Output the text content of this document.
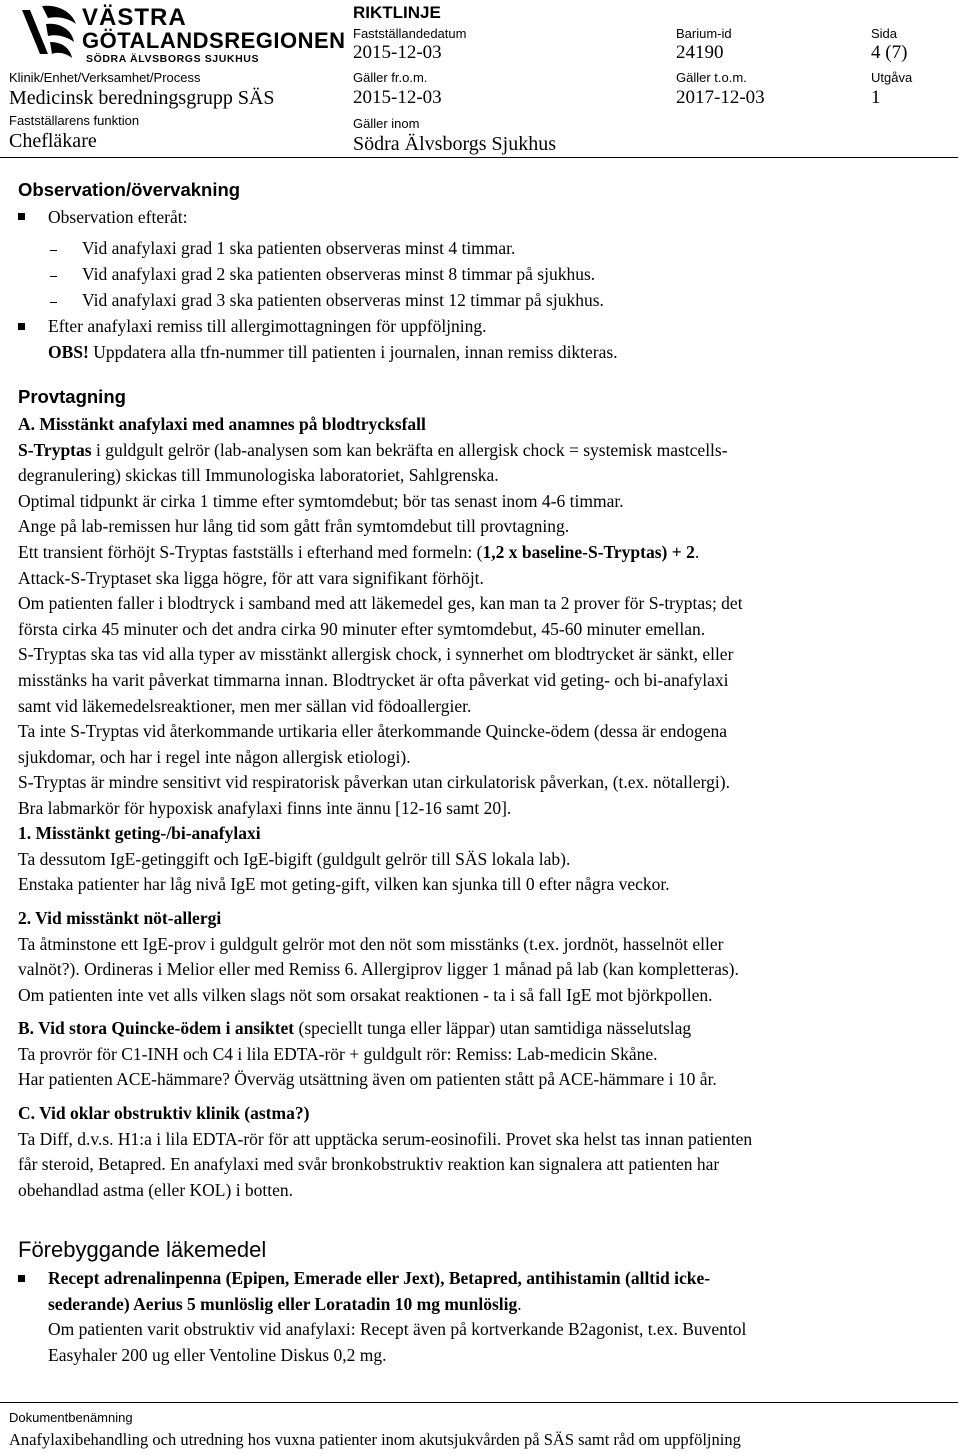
VÄSTRA
GÖTALANDSREGIONEN
SÖDRA ÄLVSBORGS SJUKHUS
RIKTLINJE
Fastställandedatum
2015-12-03
Barium-id
24190
Sida
4 (7)
Klinik/Enhet/Verksamhet/Process
Medicinsk beredningsgrupp SÄS
Gäller fr.o.m.
2015-12-03
Gäller t.o.m.
2017-12-03
Utgåva
1
Fastställarens funktion
Chefläkare
Gäller inom
Södra Älvsborgs Sjukhus
Observation/övervakning
Observation efteråt:
Vid anafylaxi grad 1 ska patienten observeras minst 4 timmar.
Vid anafylaxi grad 2 ska patienten observeras minst 8 timmar på sjukhus.
Vid anafylaxi grad 3 ska patienten observeras minst 12 timmar på sjukhus.
Efter anafylaxi remiss till allergimottagningen för uppföljning.
OBS! Uppdatera alla tfn-nummer till patienten i journalen, innan remiss dikteras.
Provtagning

A. Misstänkt anafylaxi med anamnes på blodtrycksfall

S-Tryptas i guldgult gelrör (lab-analysen som kan bekräfta en allergisk chock = systemisk mastcells-

degranulering) skickas till Immunologiska laboratoriet, Sahlgrenska.

Optimal tidpunkt är cirka 1 timme efter symtomdebut; bör tas senast inom 4-6 timmar.

Ange på lab-remissen hur lång tid som gått från symtomdebut till provtagning.

Ett transient förhöjt S-Tryptas fastställs i efterhand med formeln: (1,2 x baseline-S-Tryptas) + 2.

Attack-S-Tryptaset ska ligga högre, för att vara signifikant förhöjt.

Om patienten faller i blodtryck i samband med att läkemedel ges, kan man ta 2 prover för S-tryptas; det

första cirka 45 minuter och det andra cirka 90 minuter efter symtomdebut, 45-60 minuter emellan.

S-Tryptas ska tas vid alla typer av misstänkt allergisk chock, i synnerhet om blodtrycket är sänkt, eller

misstänks ha varit påverkat timmarna innan. Blodtrycket är ofta påverkat vid geting- och bi-anafylaxi

samt vid läkemedelsreaktioner, men mer sällan vid födoallergier.

Ta inte S-Tryptas vid återkommande urtikaria eller återkommande Quincke-ödem (dessa är endogena

sjukdomar, och har i regel inte någon allergisk etiologi).

S-Tryptas är mindre sensitivt vid respiratorisk påverkan utan cirkulatorisk påverkan, (t.ex. nötallergi).

Bra labmarkör för hypoxisk anafylaxi finns inte ännu [12-16 samt 20].

1. Misstänkt geting-/bi-anafylaxi

Ta dessutom IgE-getinggift och IgE-bigift (guldgult gelrör till SÄS lokala lab).

Enstaka patienter har låg nivå IgE mot geting-gift, vilken kan sjunka till 0 efter några veckor.

2. Vid misstänkt nöt-allergi

Ta åtminstone ett IgE-prov i guldgult gelrör mot den nöt som misstänks (t.ex. jordnöt, hasselnöt eller

valnöt?). Ordineras i Melior eller med Remiss 6. Allergiprov ligger 1 månad på lab (kan kompletteras).

Om patienten inte vet alls vilken slags nöt som orsakat reaktionen - ta i så fall IgE mot björkpollen.

B. Vid stora Quincke-ödem i ansiktet (speciellt tunga eller läppar) utan samtidiga nässelutslag

Ta provrör för C1-INH och C4 i lila EDTA-rör + guldgult rör: Remiss: Lab-medicin Skåne.

Har patienten ACE-hämmare? Överväg utsättning även om patienten stått på ACE-hämmare i 10 år.

C. Vid oklar obstruktiv klinik (astma?)

Ta Diff, d.v.s. H1:a i lila EDTA-rör för att upptäcka serum-eosinofili. Provet ska helst tas innan patienten

får steroid, Betapred. En anafylaxi med svår bronkobstruktiv reaktion kan signalera att patienten har

obehandlad astma (eller KOL) i botten.

Förebyggande läkemedel
Recept adrenalinpenna (Epipen, Emerade eller Jext), Betapred, antihistamin (alltid icke-
sederande) Aerius 5 munlöslig eller Loratadin 10 mg munlöslig.
Om patienten varit obstruktiv vid anafylaxi: Recept även på kortverkande B2agonist, t.ex. Buventol
Easyhaler 200 ug eller Ventoline Diskus 0,2 mg.
Dokumentbenämning
Anafylaxibehandling och utredning hos vuxna patienter inom akutsjukvården på SÄS samt råd om uppföljning
